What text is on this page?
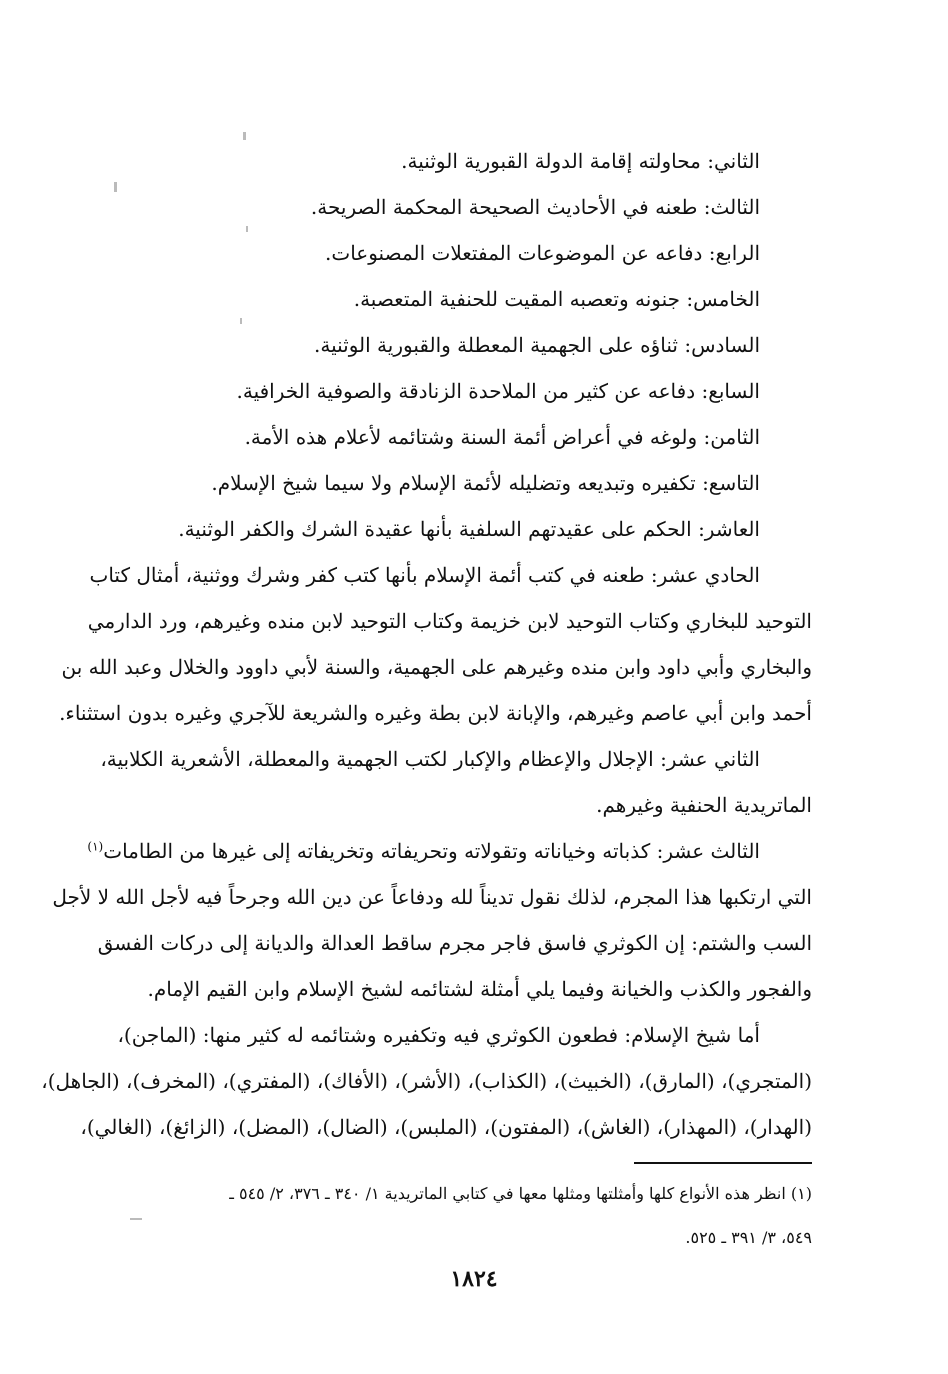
الثاني: محاولته إقامة الدولة القبورية الوثنية.

الثالث: طعنه في الأحاديث الصحيحة المحكمة الصريحة.

الرابع: دفاعه عن الموضوعات المفتعلات المصنوعات.

الخامس: جنونه وتعصبه المقيت للحنفية المتعصبة.

السادس: ثناؤه على الجهمية المعطلة والقبورية الوثنية.

السابع: دفاعه عن كثير من الملاحدة الزنادقة والصوفية الخرافية.

الثامن: ولوغه في أعراض أئمة السنة وشتائمه لأعلام هذه الأمة.

التاسع: تكفيره وتبديعه وتضليله لأئمة الإسلام ولا سيما شيخ الإسلام.

العاشر: الحكم على عقيدتهم السلفية بأنها عقيدة الشرك والكفر الوثنية.

الحادي عشر: طعنه في كتب أئمة الإسلام بأنها كتب كفر وشرك ووثنية، أمثال كتاب

التوحيد للبخاري وكتاب التوحيد لابن خزيمة وكتاب التوحيد لابن منده وغيرهم، ورد الدارمي

والبخاري وأبي داود وابن منده وغيرهم على الجهمية، والسنة لأبي داوود والخلال وعبد الله بن

أحمد وابن أبي عاصم وغيرهم، والإبانة لابن بطة وغيره والشريعة للآجري وغيره بدون استثناء.

الثاني عشر: الإجلال والإعظام والإكبار لكتب الجهمية والمعطلة، الأشعرية الكلابية،

الماتريدية الحنفية وغيرهم.

الثالث عشر: كذباته وخياناته وتقولاته وتحريفاته وتخريفاته إلى غيرها من الطامات$^{(١)}$

التي ارتكبها هذا المجرم، لذلك نقول تديناً لله ودفاعاً عن دين الله وجرحاً فيه لأجل الله لا لأجل

السب والشتم: إن الكوثري فاسق فاجر مجرم ساقط العدالة والديانة إلى دركات الفسق

والفجور والكذب والخيانة وفيما يلي أمثلة لشتائمه لشيخ الإسلام وابن القيم الإمام.

أما شيخ الإسلام: فطعون الكوثري فيه وتكفيره وشتائمه له كثير منها: (الماجن)،

(المتجري)، (المارق)، (الخبيث)، (الكذاب)، (الأشر)، (الأفاك)، (المفتري)، (المخرف)، (الجاهل)،

(الهدار)، (المهذار)، (الغاش)، (المفتون)، (الملبس)، (الضال)، (المضل)، (الزائغ)، (الغالي)،

(١) انظر هذه الأنواع كلها وأمثلتها ومثلها معها في كتابي الماتريدية ١/ ٣٤٠ ـ ٣٧٦، ٢/ ٥٤٥ ـ

٥٤٩، ٣/ ٣٩١ ـ ٥٢٥.

١٨٢٤
